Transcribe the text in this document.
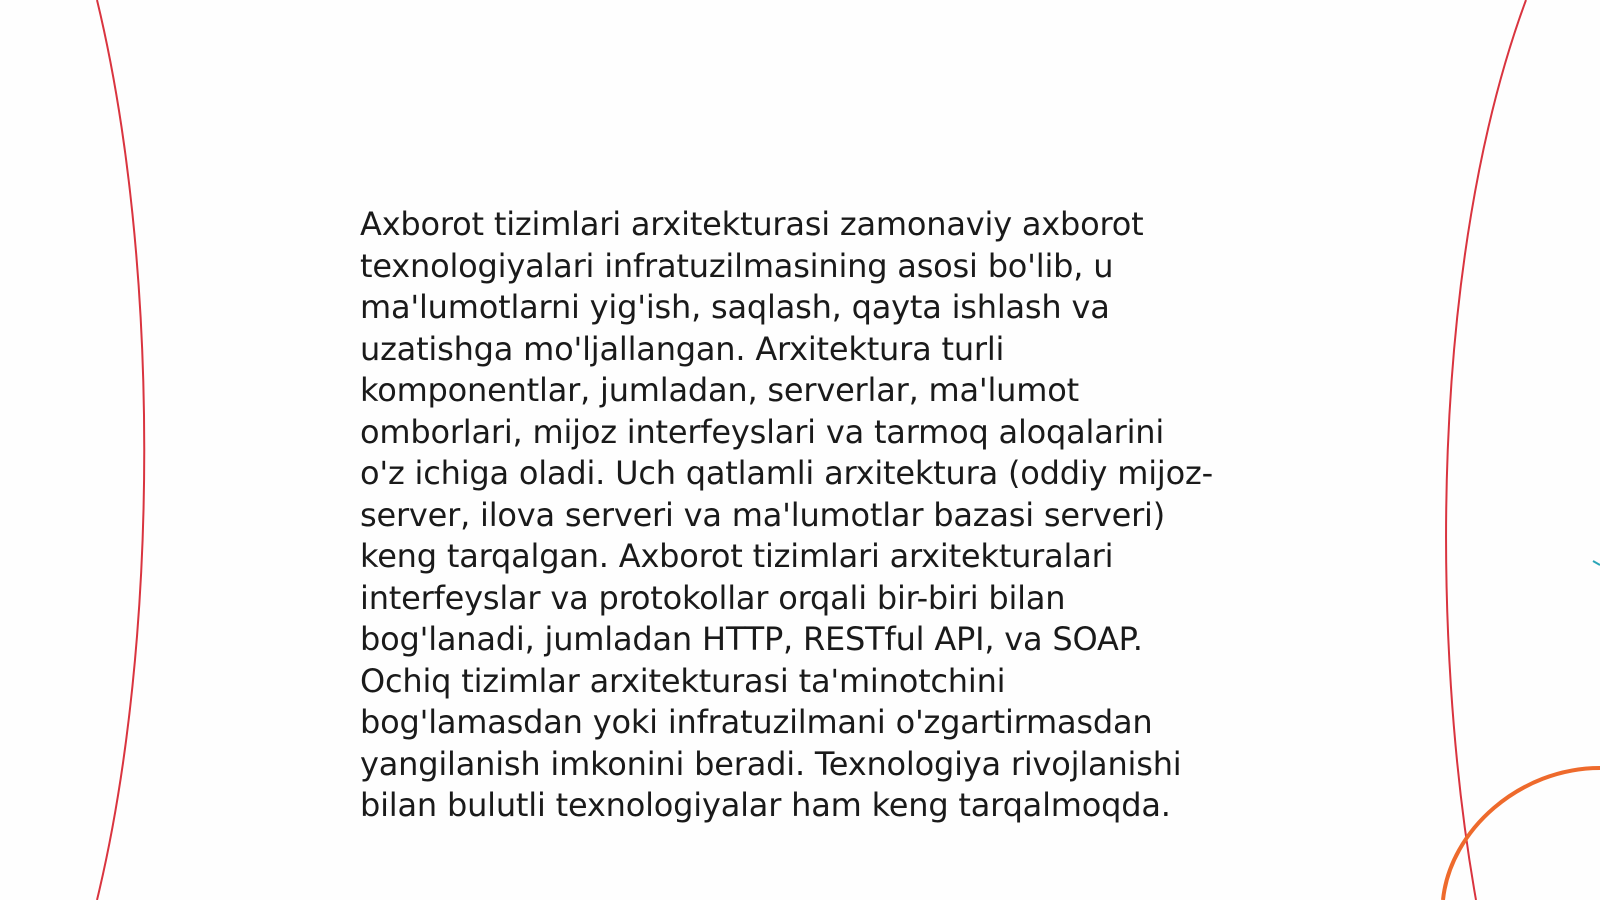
Axborot tizimlari arxitekturasi zamonaviy axborot
texnologiyalari infratuzilmasining asosi bo'lib, u
ma'lumotlarni yig'ish, saqlash, qayta ishlash va
uzatishga mo'ljallangan. Arxitektura turli
komponentlar, jumladan, serverlar, ma'lumot
omborlari, mijoz interfeyslari va tarmoq aloqalarini
o'z ichiga oladi. Uch qatlamli arxitektura (oddiy mijoz-
server, ilova serveri va ma'lumotlar bazasi serveri)
keng tarqalgan. Axborot tizimlari arxitekturalari
interfeyslar va protokollar orqali bir-biri bilan
bog'lanadi, jumladan HTTP, RESTful API, va SOAP.
Ochiq tizimlar arxitekturasi ta'minotchini
bog'lamasdan yoki infratuzilmani o'zgartirmasdan
yangilanish imkonini beradi. Texnologiya rivojlanishi
bilan bulutli texnologiyalar ham keng tarqalmoqda.
